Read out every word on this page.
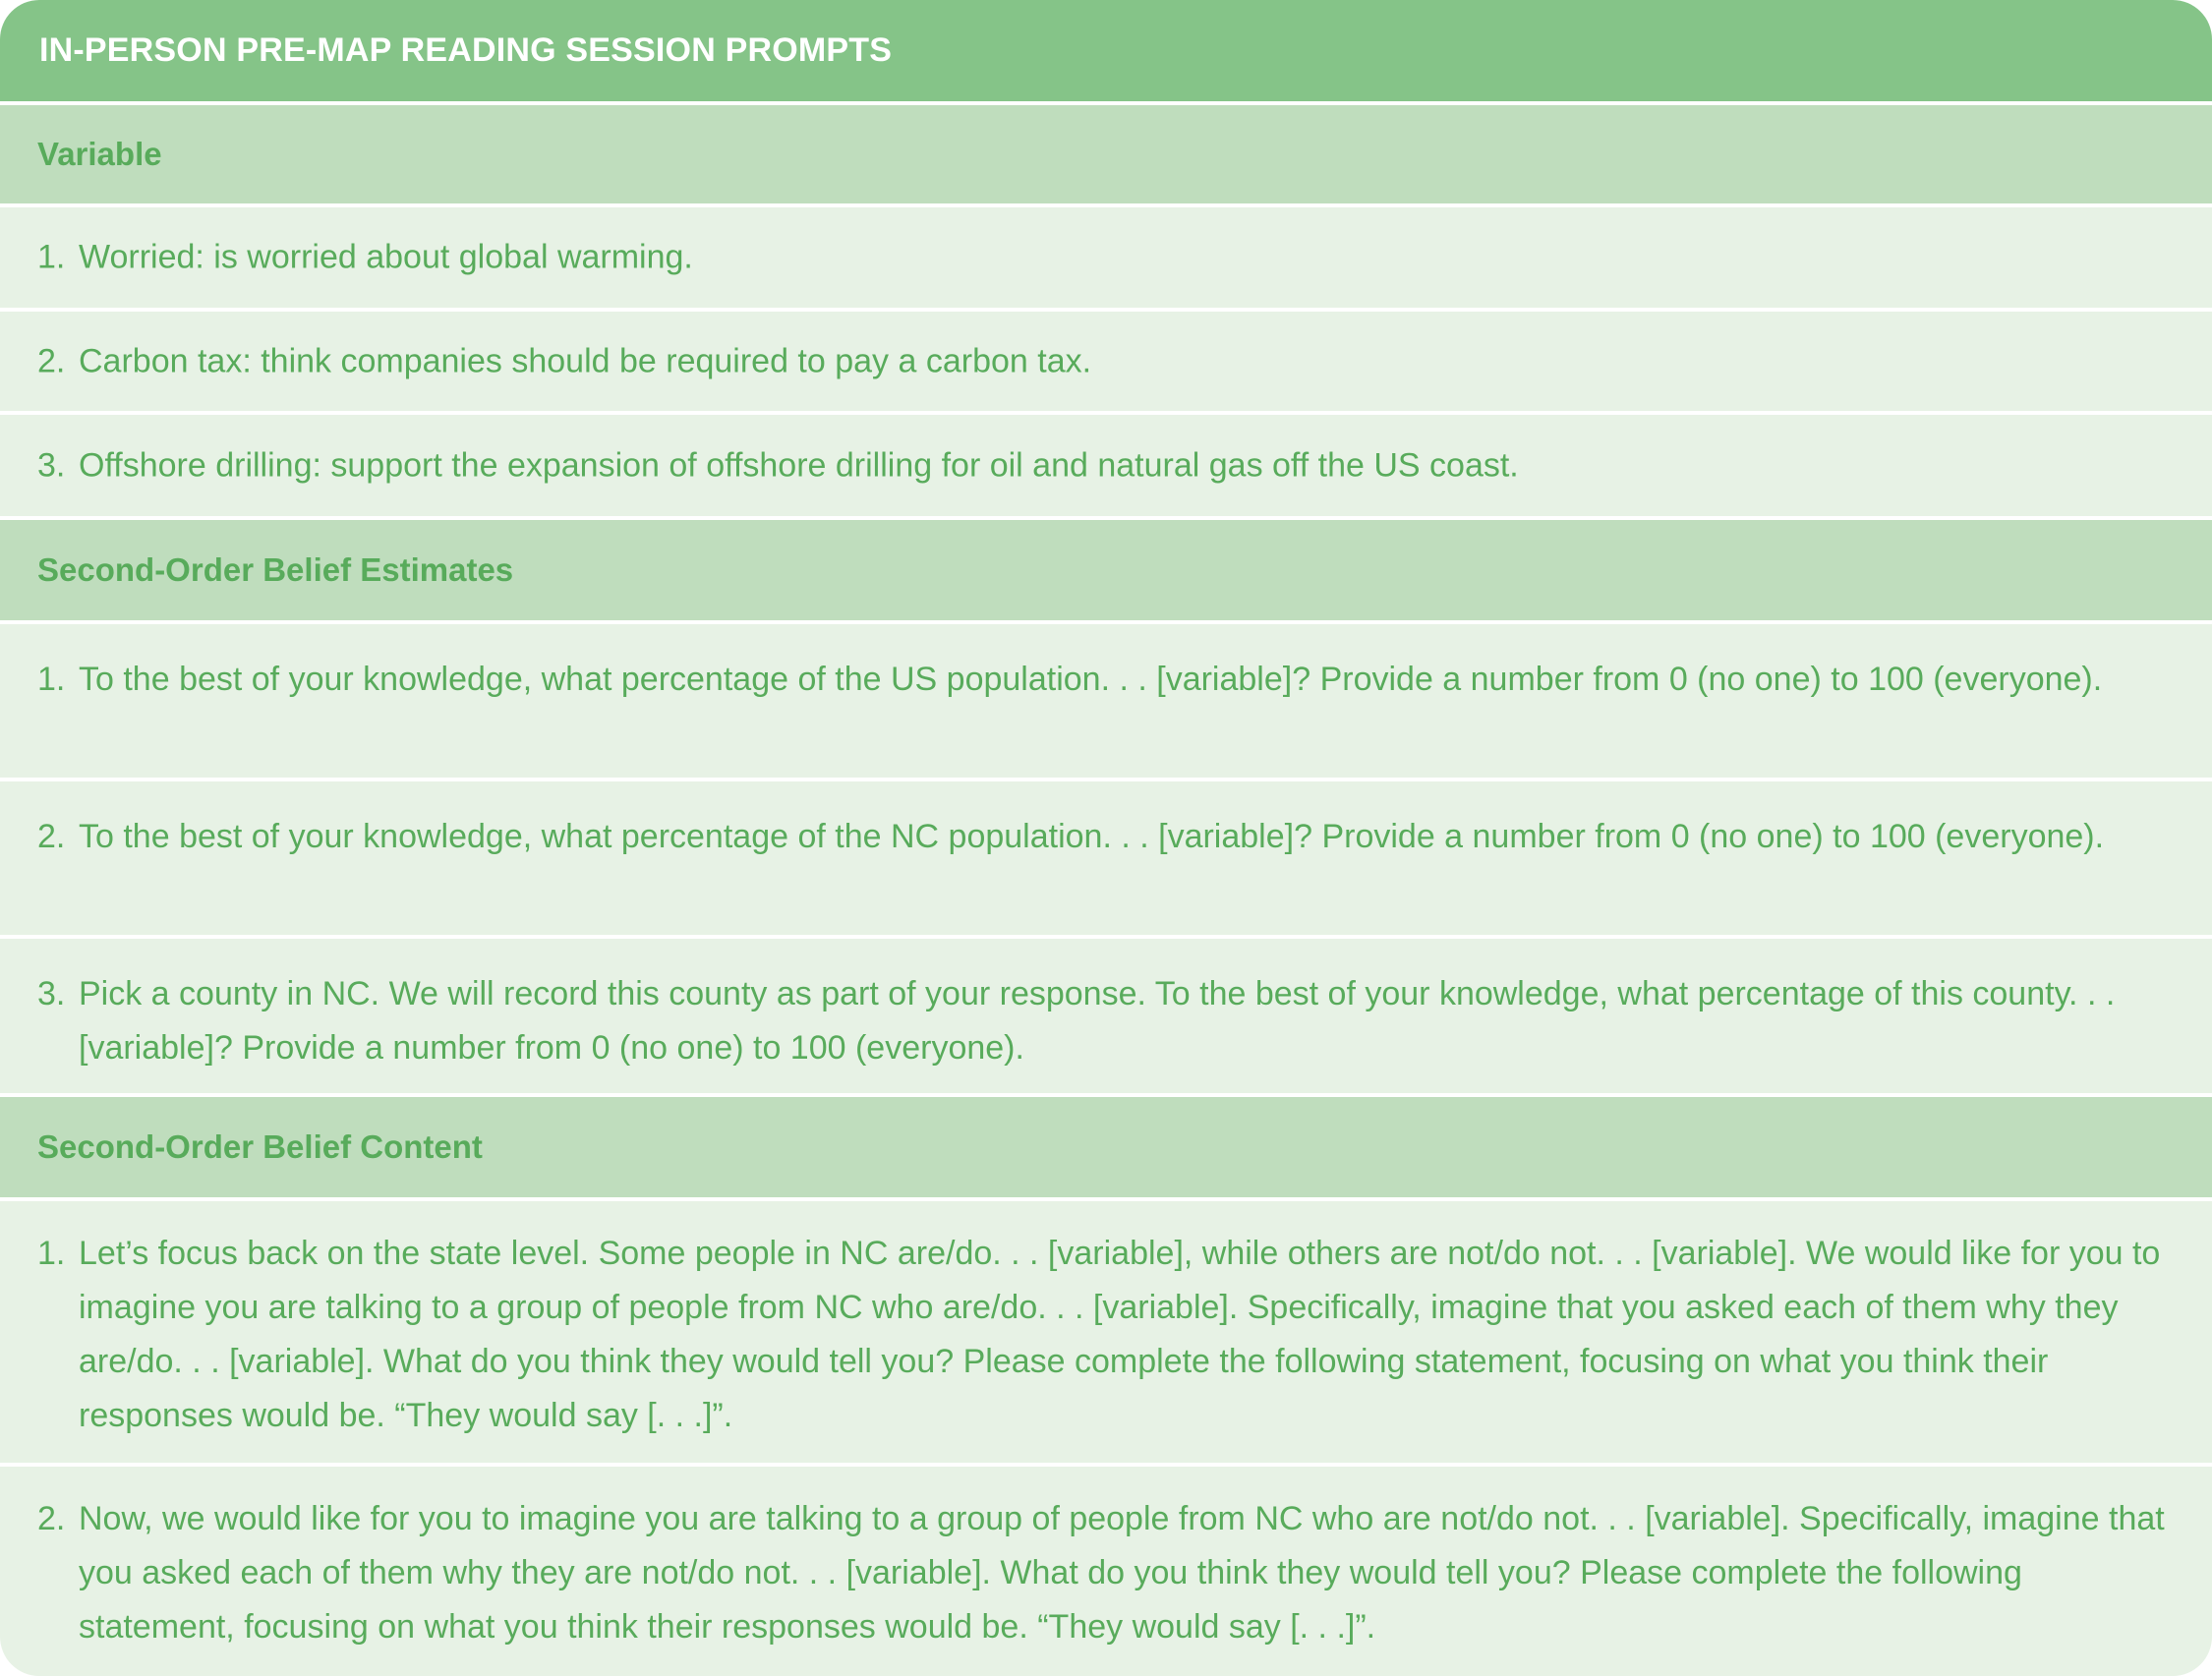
IN-PERSON PRE-MAP READING SESSION PROMPTS
Variable
1. Worried: is worried about global warming.
2. Carbon tax: think companies should be required to pay a carbon tax.
3. Offshore drilling: support the expansion of offshore drilling for oil and natural gas off the US coast.
Second-Order Belief Estimates
1. To the best of your knowledge, what percentage of the US population. . . [variable]? Provide a number from 0 (no one) to 100 (everyone).
2. To the best of your knowledge, what percentage of the NC population. . . [variable]? Provide a number from 0 (no one) to 100 (everyone).
3. Pick a county in NC. We will record this county as part of your response. To the best of your knowledge, what percentage of this county. . . [variable]? Provide a number from 0 (no one) to 100 (everyone).
Second-Order Belief Content
1. Let’s focus back on the state level. Some people in NC are/do. . . [variable], while others are not/do not. . . [variable]. We would like for you to imagine you are talking to a group of people from NC who are/do. . . [variable]. Specifically, imagine that you asked each of them why they are/do. . . [variable]. What do you think they would tell you? Please complete the following statement, focusing on what you think their responses would be. “They would say [. . .]”.
2. Now, we would like for you to imagine you are talking to a group of people from NC who are not/do not. . . [variable]. Specifically, imagine that you asked each of them why they are not/do not. . . [variable]. What do you think they would tell you? Please complete the following statement, focusing on what you think their responses would be. “They would say [. . .]”.
